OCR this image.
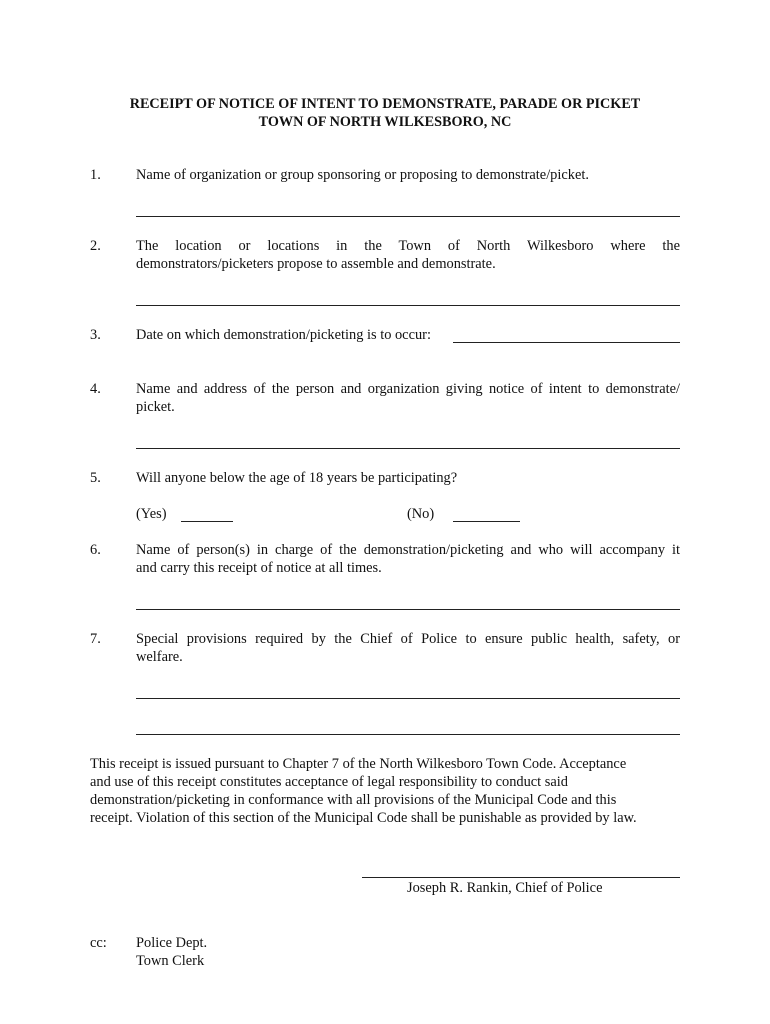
RECEIPT OF NOTICE OF INTENT TO DEMONSTRATE, PARADE OR PICKET
TOWN OF NORTH WILKESBORO, NC
1. Name of organization or group sponsoring or proposing to demonstrate/picket.
2. The location or locations in the Town of North Wilkesboro where the
demonstrators/picketers propose to assemble and demonstrate.
3. Date on which demonstration/picketing is to occur:
4. Name and address of the person and organization giving notice of intent to demonstrate/
picket.
5. Will anyone below the age of 18 years be participating?
(Yes)	(No)
6. Name of person(s) in charge of the demonstration/picketing and who will accompany it
and carry this receipt of notice at all times.
7. Special provisions required by the Chief of Police to ensure public health, safety, or
welfare.
This receipt is issued pursuant to Chapter 7 of the North Wilkesboro Town Code. Acceptance
and use of this receipt constitutes acceptance of legal responsibility to conduct said
demonstration/picketing in conformance with all provisions of the Municipal Code and this
receipt. Violation of this section of the Municipal Code shall be punishable as provided by law.
Joseph R. Rankin, Chief of Police
cc: Police Dept.
Town Clerk
